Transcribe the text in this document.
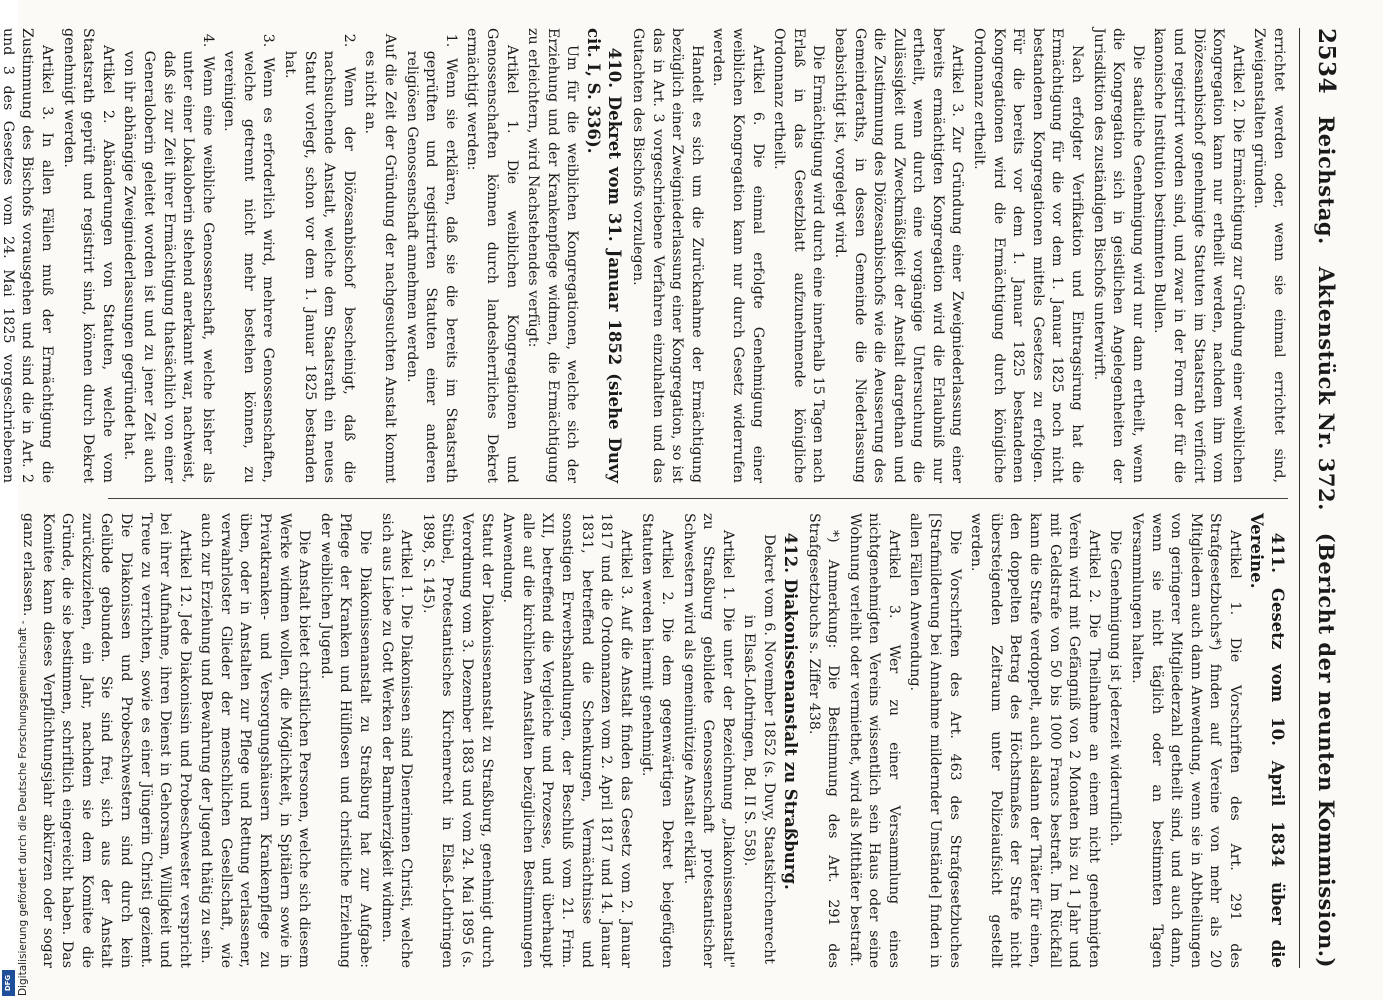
Digitalisierung gefördert durch die Deutsche Forschungsgemeinschaft -
DFG
2534
Reichstag.
Aktenstück Nr. 372.
(Bericht der neunten Kommission.)

errichtet werden oder, wenn sie einmal errichtet sind, Zweiganstalten gründen.

Artikel 2. Die Ermächtigung zur Gründung einer weiblichen Kongregation kann nur ertheilt werden, nachdem ihm vom Diözesanbischof genehmigte Statuten im Staatsrath verificirt und registrirt worden sind, und zwar in der Form der für die kanonische Institution bestimmten Bullen.

Die staatliche Genehmigung wird nur dann ertheilt, wenn die Kongregation sich in geistlichen Angelegenheiten der Jurisdiktion des zuständigen Bischofs unterwirft.

Nach erfolgter Verifikation und Eintragsirung hat die Ermächtigung für die vor dem 1. Januar 1825 noch nicht bestandenen Kongregationen mittels Gesetzes zu erfolgen. Für die bereits vor dem 1. Januar 1825 bestandenen Kongregationen wird die Ermächtigung durch königliche Ordonnanz ertheilt.

Artikel 3. Zur Gründung einer Zweigniederlassung einer bereits ermächtigten Kongregation wird die Erlaubniß nur ertheilt, wenn durch eine vorgängige Untersuchung die Zulässigkeit und Zweckmäßigkeit der Anstalt dargethan und die Zustimmung des Diözesanbischofs wie die Aeusserung des Gemeinderaths, in dessen Gemeinde die Niederlassung beabsichtigt ist, vorgelegt wird.

Die Ermächtigung wird durch eine innerhalb 15 Tagen nach Erlaß in das Gesetzblatt aufzunehmende königliche Ordonnanz ertheilt.

Artikel 6. Die einmal erfolgte Genehmigung einer weiblichen Kongregation kann nur durch Gesetz widerrufen werden.

Handelt es sich um die Zurücknahme der Ermächtigung bezüglich einer Zweigniederlassung einer Kongregation, so ist das in Art. 3 vorgeschriebene Verfahren einzuhalten und das Gutachten des Bischofs vorzulegen.

410. Dekret vom 31. Januar 1852 (siehe Duvy cit. I, S. 336).

Um für die weiblichen Kongregationen, welche sich der Erziehung und der Krankenpflege widmen, die Ermächtigung zu erleichtern, wird Nachstehendes verfügt:

Artikel 1. Die weiblichen Kongregationen und Genossenschaften können durch landesherrliches Dekret ermächtigt werden:

1. Wenn sie erklären, daß sie die bereits im Staatsrath geprüften und registrirten Statuten einer anderen religiösen Genossenschaft annehmen werden.

Auf die Zeit der Gründung der nachgesuchten Anstalt kommt es nicht an.

2. Wenn der Diözesanbischof bescheinigt, daß die nachsuchende Anstalt, welche dem Staatsrath ein neues Statut vorlegt, schon vor dem 1. Januar 1825 bestanden hat.

3. Wenn es erforderlich wird, mehrere Genossenschaften, welche getrennt nicht mehr bestehen können, zu vereinigen.

4. Wenn eine weibliche Genossenschaft, welche bisher als unter einer Lokaloberin stehend anerkannt war, nachweist, daß sie zur Zeit ihrer Ermächtigung thatsächlich von einer Generaloberin geleitet worden ist und zu jener Zeit auch von ihr abhängige Zweigniederlassungen gegründet hat.

Artikel 2. Abänderungen von Statuten, welche vom Staatsrath geprüft und registrirt sind, können durch Dekret genehmigt werden.

Artikel 3. In allen Fällen muß der Ermächtigung die Zustimmung des Bischofs vorausgehen und sind die in Art. 2 und 3 des Gesetzes vom 24. Mai 1825 vorgeschriebenen

411. Gesetz vom 10. April 1834 über die Vereine.

Artikel 1. Die Vorschriften des Art. 291 des Strafgesetzbuchs*) finden auf Vereine von mehr als 20 Mitgliedern auch dann Anwendung, wenn sie in Abtheilungen von geringerer Mitgliederzahl getheilt sind, und auch dann, wenn sie nicht täglich oder an bestimmten Tagen Versammlungen halten.

Die Genehmigung ist jederzeit widerruflich.

Artikel 2. Die Theilnahme an einem nicht genehmigten Verein wird mit Gefängniß von 2 Monaten bis zu 1 Jahr und mit Geldstrafe von 50 bis 1000 Francs bestraft. Im Rückfall kann die Strafe verdoppelt, auch alsdann der Thäter für einen, den doppelten Betrag des Höchstmaßes der Strafe nicht übersteigenden Zeitraum unter Polizeiaufsicht gestellt werden.

Die Vorschriften des Art. 463 des Strafgesetzbuches [Strafmilderung bei Annahme mildernder Umstände] finden in allen Fällen Anwendung.

Artikel 3. Wer zu einer Versammlung eines nichtgenehmigten Vereins wissentlich sein Haus oder seine Wohnung verleiht oder vermiethet, wird als Mitthäter bestraft.

*) Anmerkung: Die Bestimmung des Art. 291 des Strafgesetzbuchs s. Ziffer 438.

412. Diakonissenanstalt zu Straßburg.

Dekret vom 6. November 1852 (s. Duvy, Staatskirchenrecht in Elsaß-Lothringen, Bd. II S. 558).

Artikel 1. Die unter der Bezeichnung „Diakonissenanstalt" zu Straßburg gebildete Genossenschaft protestantischer Schwestern wird als gemeinnützige Anstalt erklärt.

Artikel 2. Die dem gegenwärtigen Dekret beigefügten Statuten werden hiermit genehmigt.

Artikel 3. Auf die Anstalt finden das Gesetz vom 2. Januar 1817 und die Ordonnanzen vom 2. April 1817 und 14. Januar 1831, betreffend die Schenkungen, Vermächtnisse und sonstigen Erwerbshandlungen, der Beschluß vom 21. Frim. XII, betreffend die Vergleiche und Prozesse, und überhaupt alle auf die kirchlichen Anstalten bezüglichen Bestimmungen Anwendung.

Statut der Diakonissenanstalt zu Straßburg, genehmigt durch Verordnung vom 3. Dezember 1883 und vom 24. Mai 1895 (s. Stübel, Protestantisches Kirchenrecht in Elsaß-Lothringen 1898, S. 145).

Artikel 1. Die Diakonissen sind Dienerinnen Christi, welche sich aus Liebe zu Gott Werken der Barmherzigkeit widmen.

Die Diakonissenanstalt zu Straßburg hat zur Aufgabe: Pflege der Kranken und Hülflosen und christliche Erziehung der weiblichen Jugend.

Die Anstalt bietet christlichen Personen, welche sich diesem Werke widmen wollen, die Möglichkeit, in Spitälern sowie in Privatkranken- und Versorgungshäusern Krankenpflege zu üben, oder in Anstalten zur Pflege und Rettung verlassener, verwahrloster Glieder der menschlichen Gesellschaft, wie auch zur Erziehung und Bewahrung der Jugend thätig zu sein.

Artikel 12. Jede Diakonissin und Probeschwester verspricht bei ihrer Aufnahme, ihren Dienst in Gehorsam, Willigkeit und Treue zu verrichten, sowie es einer Jüngerin Christi geziemt. Die Diakonissen und Probeschwestern sind durch kein Gelübde gebunden. Sie sind frei, sich aus der Anstalt zurückzuziehen, ein Jahr, nachdem sie dem Komitee die Gründe, die sie bestimmen, schriftlich eingereicht haben. Das Komitee kann dieses Verpflichtungsjahr abkürzen oder sogar ganz erlassen.
